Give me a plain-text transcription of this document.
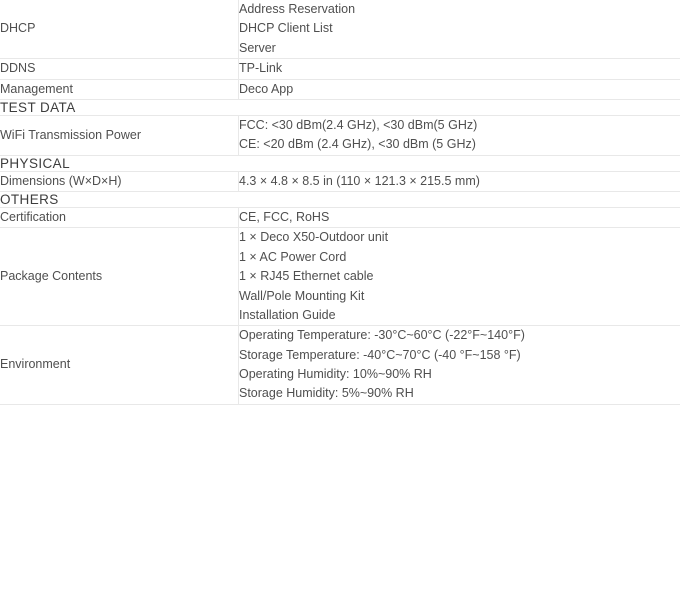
DHCP	Address Reservation
DHCP Client List
Server

DDNS	TP-Link

Management	Deco App

TEST DATA	
WiFi Transmission Power	FCC: <30 dBm(2.4 GHz), <30 dBm(5 GHz)
CE: <20 dBm (2.4 GHz), <30 dBm (5 GHz)

PHYSICAL	
Dimensions (W×D×H)	4.3 × 4.8 × 8.5 in (110 × 121.3 × 215.5 mm)

OTHERS	
Certification	CE, FCC, RoHS

Package Contents	1 × Deco X50-Outdoor unit
1 × AC Power Cord
1 × RJ45 Ethernet cable
Wall/Pole Mounting Kit
Installation Guide

Environment	Operating Temperature: -30°C~60°C (-22°F~140°F)
Storage Temperature: -40°C~70°C (-40 °F~158 °F)
Operating Humidity: 10%~90% RH
Storage Humidity: 5%~90% RH
